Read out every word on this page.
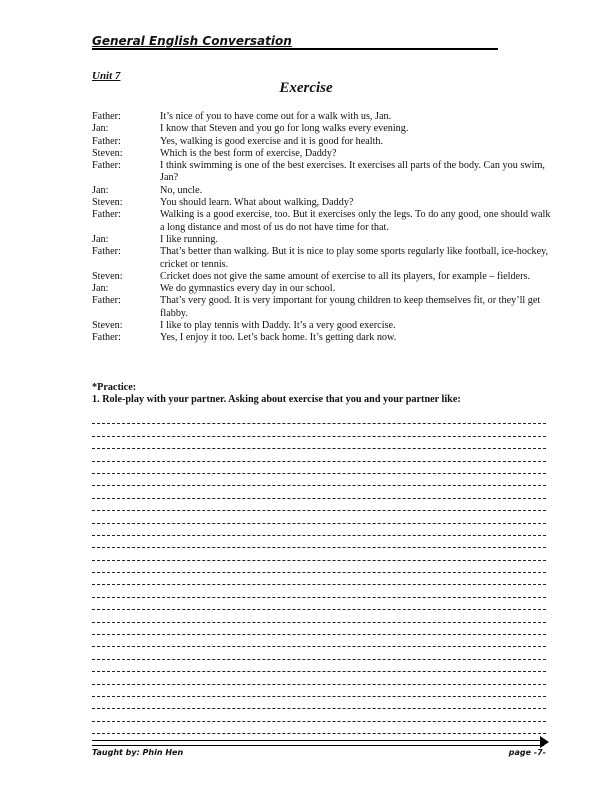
General English Conversation
Unit 7
Exercise
Father:	It’s nice of you to have come out for a walk with us, Jan.
Jan:	I know that Steven and you go for long walks every evening.
Father:	Yes, walking is good exercise and it is good for health.
Steven:	Which is the best form of exercise, Daddy?
Father:	I think swimming is one of the best exercises. It exercises all parts of the body. Can you swim, Jan?
Jan:	No, uncle.
Steven:	You should learn. What about walking, Daddy?
Father:	Walking is a good exercise, too. But it exercises only the legs. To do any good, one should walk a long distance and most of us do not have time for that.
Jan:	I like running.
Father:	That’s better than walking. But it is nice to play some sports regularly like football, ice-hockey, cricket or tennis.
Steven:	Cricket does not give the same amount of exercise to all its players, for example – fielders.
Jan:	We do gymnastics every day in our school.
Father:	That’s very good. It is very important for young children to keep themselves fit, or they’ll get flabby.
Steven:	I like to play tennis with Daddy. It’s a very good exercise.
Father:	Yes, I enjoy it too. Let’s back home. It’s getting dark now.
*Practice:
1. Role-play with your partner. Asking about exercise that you and your partner like:
Taught by: Phin Hen	page -7-
